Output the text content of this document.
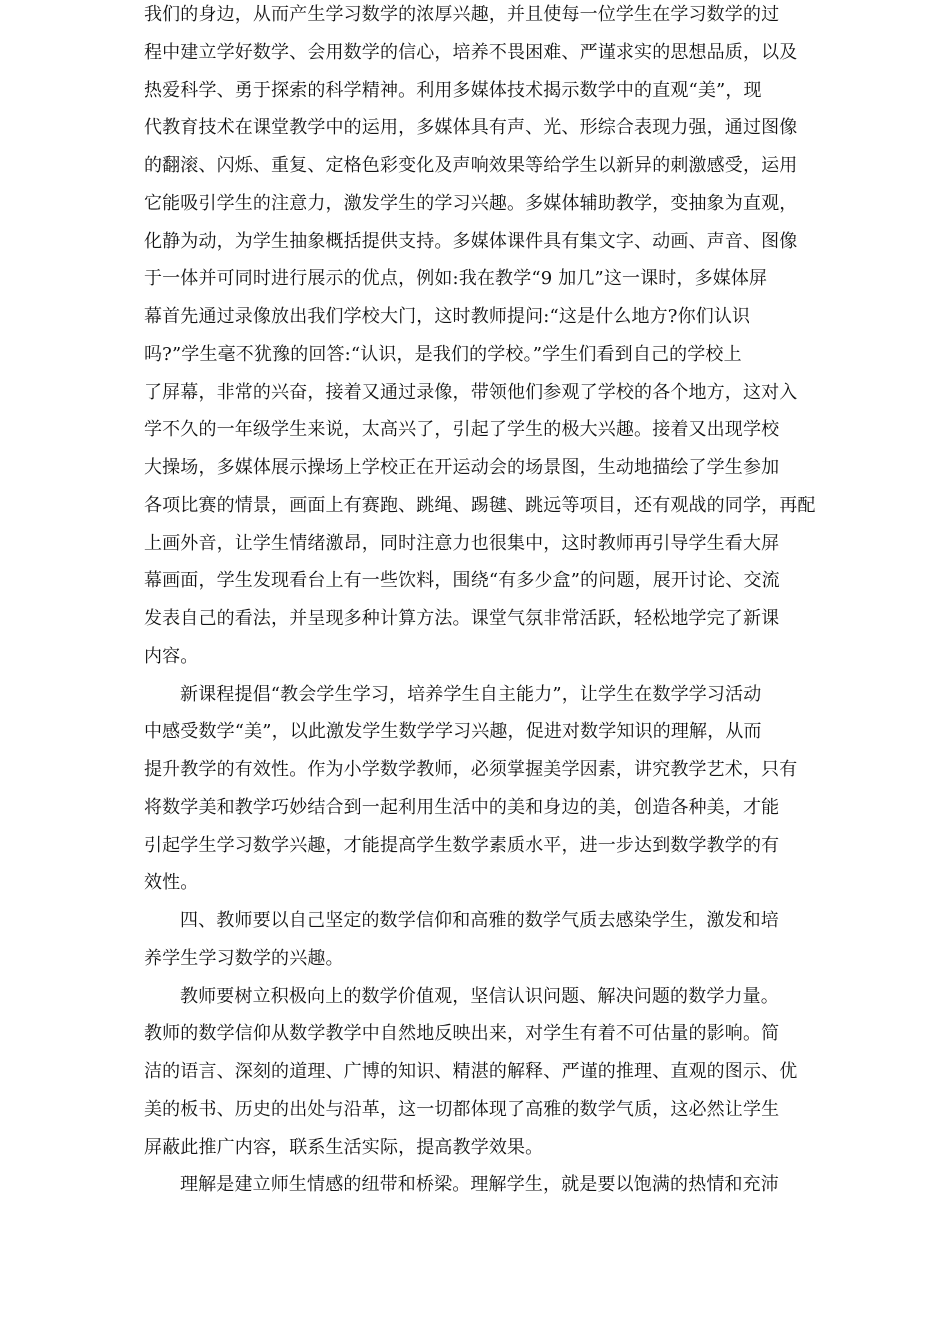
我们的身边，从而产生学习数学的浓厚兴趣，并且使每一位学生在学习数学的过
程中建立学好数学、会用数学的信心，培养不畏困难、严谨求实的思想品质，以及
热爱科学、勇于探索的科学精神。利用多媒体技术揭示数学中的直观“美”，现
代教育技术在课堂教学中的运用，多媒体具有声、光、形综合表现力强，通过图像
的翻滚、闪烁、重复、定格色彩变化及声响效果等给学生以新异的刺激感受，运用
它能吸引学生的注意力，激发学生的学习兴趣。多媒体辅助教学，变抽象为直观，
化静为动，为学生抽象概括提供支持。多媒体课件具有集文字、动画、声音、图像
于一体并可同时进行展示的优点，例如:我在教学“9 加几”这一课时，多媒体屏
幕首先通过录像放出我们学校大门，这时教师提问:“这是什么地方?你们认识
吗?”学生毫不犹豫的回答:“认识，是我们的学校。”学生们看到自己的学校上
了屏幕，非常的兴奋，接着又通过录像，带领他们参观了学校的各个地方，这对入
学不久的一年级学生来说，太高兴了，引起了学生的极大兴趣。接着又出现学校
大操场，多媒体展示操场上学校正在开运动会的场景图，生动地描绘了学生参加
各项比赛的情景，画面上有赛跑、跳绳、踢毽、跳远等项目，还有观战的同学，再配
上画外音，让学生情绪激昂，同时注意力也很集中，这时教师再引导学生看大屏
幕画面，学生发现看台上有一些饮料，围绕“有多少盒”的问题，展开讨论、交流
发表自己的看法，并呈现多种计算方法。课堂气氛非常活跃，轻松地学完了新课
内容。
新课程提倡“教会学生学习，培养学生自主能力”，让学生在数学学习活动
中感受数学“美”，以此激发学生数学学习兴趣，促进对数学知识的理解，从而
提升教学的有效性。作为小学数学教师，必须掌握美学因素，讲究教学艺术，只有
将数学美和教学巧妙结合到一起利用生活中的美和身边的美，创造各种美，才能
引起学生学习数学兴趣，才能提高学生数学素质水平，进一步达到数学教学的有
效性。
四、教师要以自己坚定的数学信仰和高雅的数学气质去感染学生，激发和培
养学生学习数学的兴趣。
教师要树立积极向上的数学价值观，坚信认识问题、解决问题的数学力量。
教师的数学信仰从数学教学中自然地反映出来，对学生有着不可估量的影响。简
洁的语言、深刻的道理、广博的知识、精湛的解释、严谨的推理、直观的图示、优
美的板书、历史的出处与沿革，这一切都体现了高雅的数学气质，这必然让学生
屏蔽此推广内容，联系生活实际，提高教学效果。
理解是建立师生情感的纽带和桥梁。理解学生，就是要以饱满的热情和充沛
